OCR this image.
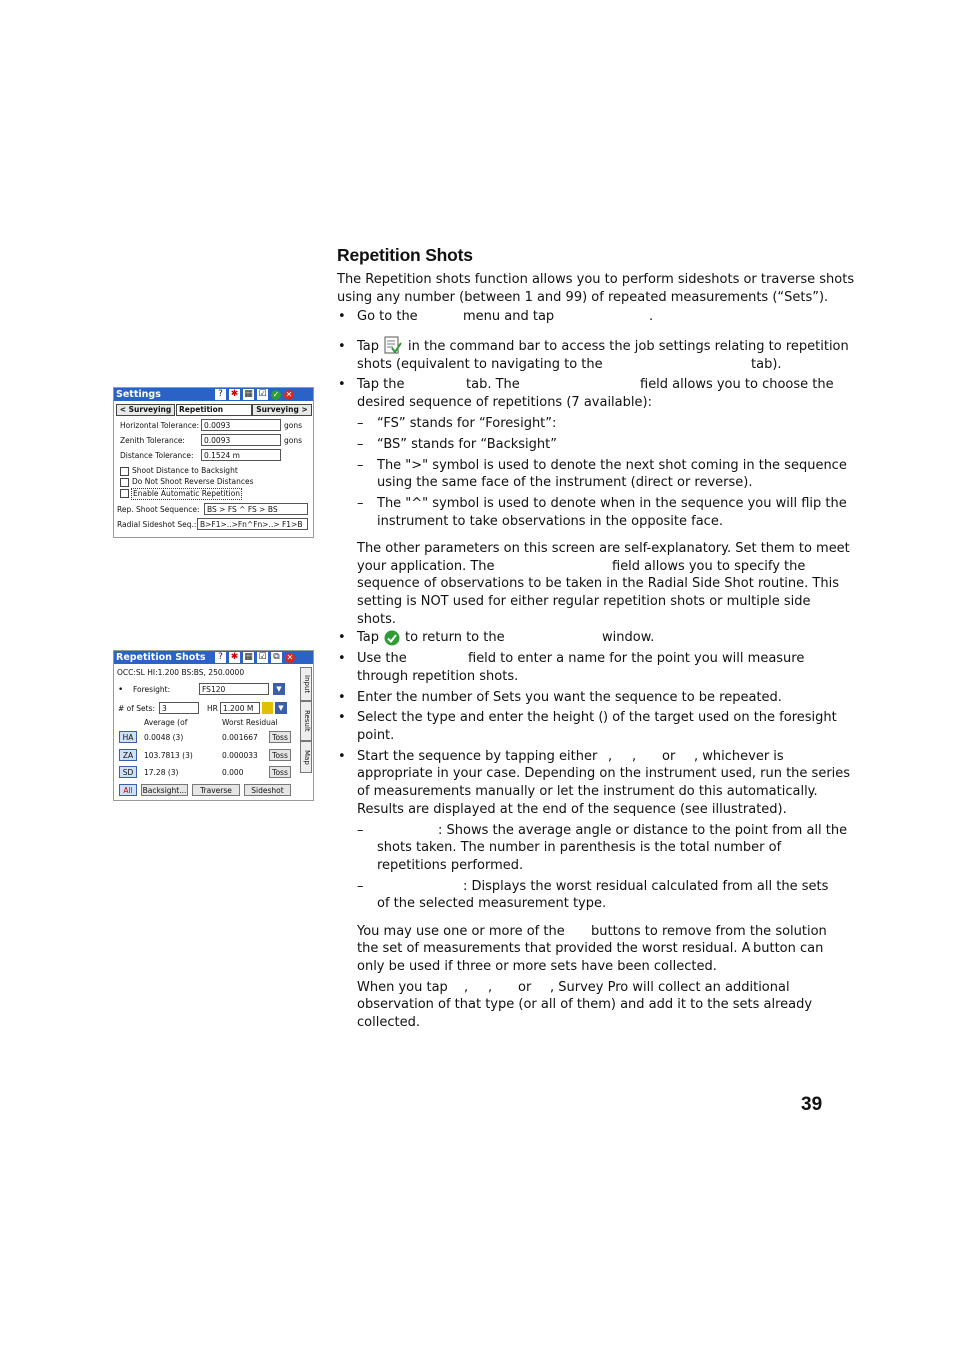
Repetition Shots
The Repetition shots function allows you to perform sideshots or traverse shots
using any number (between 1 and 99) of repeated measurements (“Sets”).
• Go to the	menu and tap	.
• Tap in the command bar to access the job settings relating to repetition
shots (equivalent to navigating to the	tab).
• Tap the	tab. The	field allows you to choose the
desired sequence of repetitions (7 available):
– “FS” stands for “Foresight”:
– “BS” stands for “Backsight”
– The ">" symbol is used to denote the next shot coming in the sequence
using the same face of the instrument (direct or reverse).
– The "^" symbol is used to denote when in the sequence you will flip the
instrument to take observations in the opposite face.
The other parameters on this screen are self-explanatory. Set them to meet
your application. The	field allows you to specify the
sequence of observations to be taken in the Radial Side Shot routine. This
setting is NOT used for either regular repetition shots or multiple side
shots.
• Tap to return to the	window.
• Use the	field to enter a name for the point you will measure
through repetition shots.
• Enter the number of Sets you want the sequence to be repeated.
• Select the type and enter the height ( ) of the target used on the foresight
point.
• Start the sequence by tapping either , , or , whichever is
appropriate in your case. Depending on the instrument used, run the series
of measurements manually or let the instrument do this automatically.
Results are displayed at the end of the sequence (see illustrated).
–	: Shows the average angle or distance to the point from all the
shots taken. The number in parenthesis is the total number of
repetitions performed.
–	: Displays the worst residual calculated from all the sets
of the selected measurement type.
You may use one or more of the buttons to remove from the solution
the set of measurements that provided the worst residual. A button can
only be used if three or more sets have been collected.
When you tap , , or , Survey Pro will collect an additional
observation of that type (or all of them) and add it to the sets already
collected.
39
Settings	? ✱ ▦ ☑ ✓ ✕
< Surveying	Repetition	Surveying >
Horizontal Tolerance: 0.0093	gons
Zenith Tolerance:	0.0093	gons
Distance Tolerance:	0.1524 m
Shoot Distance to Backsight
Do Not Shoot Reverse Distances
Enable Automatic Repetition
Rep. Shoot Sequence: BS > FS ^ FS > BS
Radial Sideshot Seq.: B>F1>..>Fn^Fn>..> F1>B
Repetition Shots	? ✱ ▦ ☑ ⧉ ✕
OCC:SL HI:1.200 BS:BS, 250.0000
• Foresight:	FS120	▼
# of Sets: 3	HR 1.200 M	▼
Average (of	Worst Residual
HA	0.0048 (3)	0.001667	Toss
ZA	103.7813 (3)	0.000033	Toss
SD	17.28 (3)	0.000	Toss
All	Backsight...	Traverse	Sideshot
Input
Result
Map
